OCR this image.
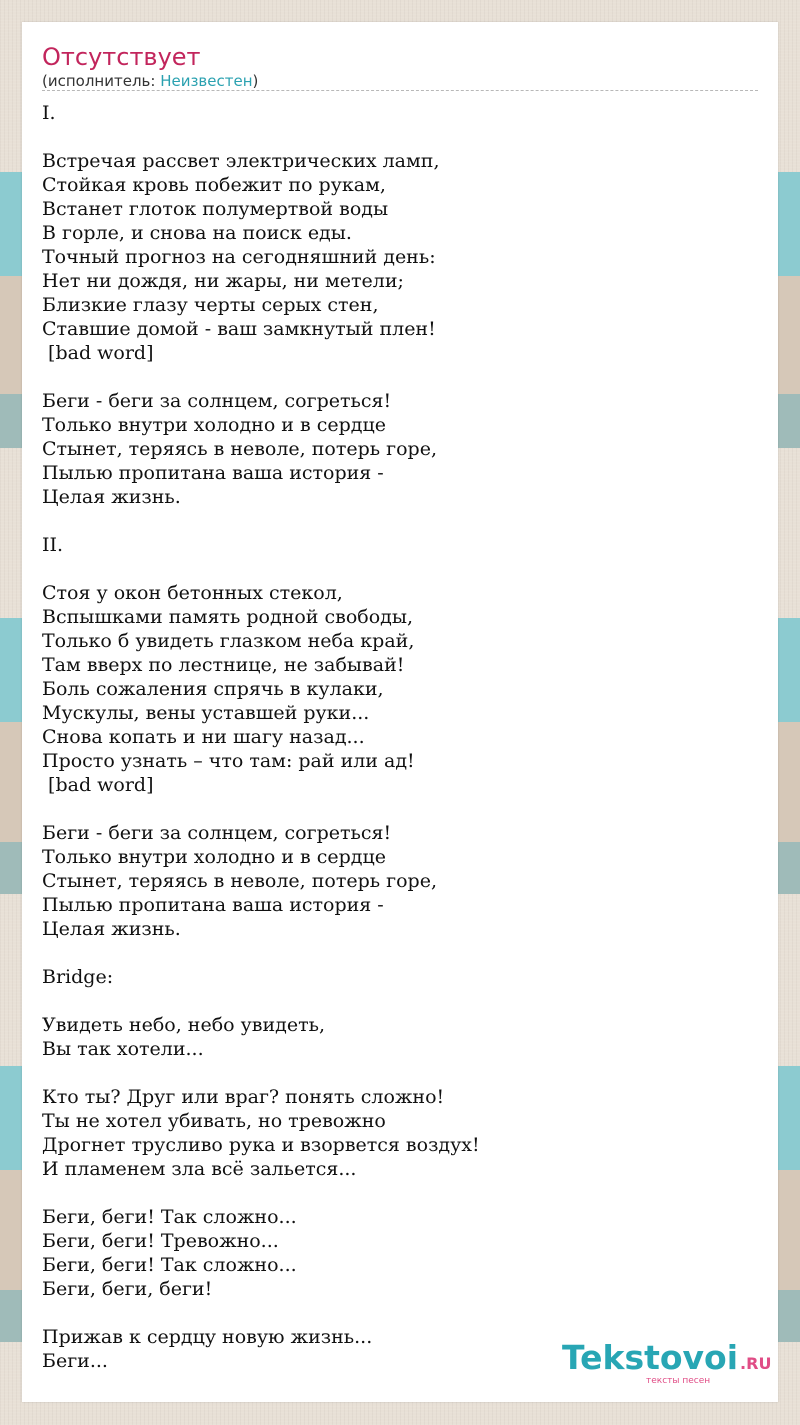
Отсутствует
(исполнитель: Неизвестен)
I.

Встречая рассвет электрических ламп,
Стойкая кровь побежит по рукам,
Встанет глоток полумертвой воды
В горле, и снова на поиск еды.
Точный прогноз на сегодняшний день:
Нет ни дождя, ни жары, ни метели;
Близкие глазу черты серых стен,
Ставшие домой - ваш замкнутый плен!
[bad word]

Беги - беги за солнцем, согреться!
Только внутри холодно и в сердце
Стынет, теряясь в неволе, потерь горе,
Пылью пропитана ваша история -
Целая жизнь.

II.

Стоя у окон бетонных стекол,
Вспышками память родной свободы,
Только б увидеть глазком неба край,
Там вверх по лестнице, не забывай!
Боль сожаления спрячь в кулаки,
Мускулы, вены уставшей руки...
Снова копать и ни шагу назад...
Просто узнать – что там: рай или ад!
[bad word]

Беги - беги за солнцем, согреться!
Только внутри холодно и в сердце
Стынет, теряясь в неволе, потерь горе,
Пылью пропитана ваша история -
Целая жизнь.

Bridge:

Увидеть небо, небо увидеть,
Вы так хотели...

Кто ты? Друг или враг? понять сложно!
Ты не хотел убивать, но тревожно
Дрогнет трусливо рука и взорвется воздух!
И пламенем зла всё зальется...

Беги, беги! Так сложно...
Беги, беги! Тревожно...
Беги, беги! Так сложно...
Беги, беги, беги!

Прижав к сердцу новую жизнь...
Беги...	Tekstovoi .RU
тексты песен
